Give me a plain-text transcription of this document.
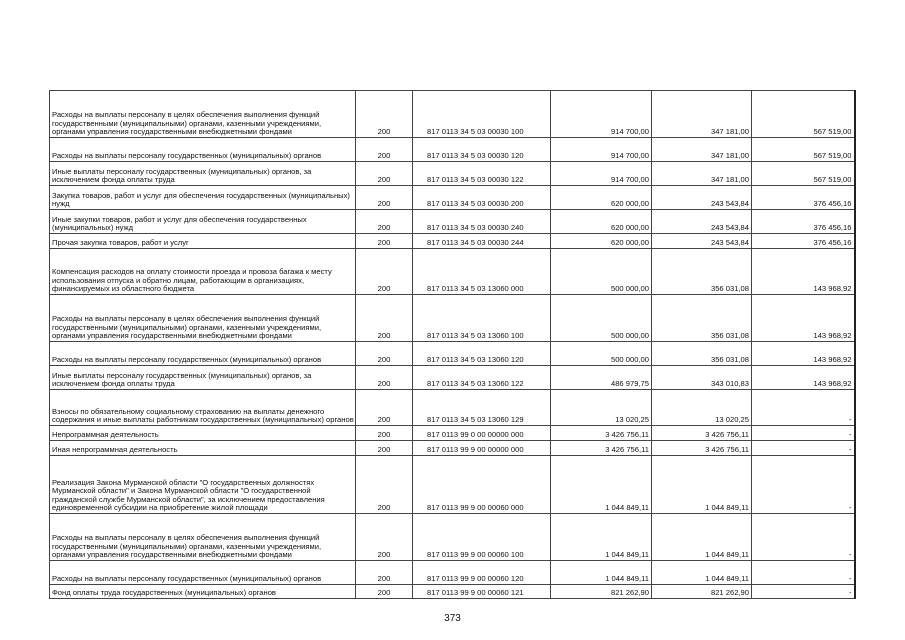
Расходы на выплаты персоналу в целях обеспечения выполнения функций государственными (муниципальными) органами, казенными учреждениями, органами управления государственными внебюджетными фондами	200	817 0113 34 5 03 00030 100	914 700,00	347 181,00	567 519,00
Расходы на выплаты персоналу государственных (муниципальных) органов	200	817 0113 34 5 03 00030 120	914 700,00	347 181,00	567 519,00
Иные выплаты персоналу государственных (муниципальных) органов, за исключением фонда оплаты труда	200	817 0113 34 5 03 00030 122	914 700,00	347 181,00	567 519,00
Закупка товаров, работ и услуг для обеспечения государственных (муниципальных) нужд	200	817 0113 34 5 03 00030 200	620 000,00	243 543,84	376 456,16
Иные закупки товаров, работ и услуг для обеспечения государственных (муниципальных) нужд	200	817 0113 34 5 03 00030 240	620 000,00	243 543,84	376 456,16
Прочая закупка товаров, работ и услуг	200	817 0113 34 5 03 00030 244	620 000,00	243 543,84	376 456,16
Компенсация расходов на оплату стоимости проезда и провоза багажа к месту использования отпуска и обратно лицам, работающим в организациях, финансируемых из областного бюджета	200	817 0113 34 5 03 13060 000	500 000,00	356 031,08	143 968,92
Расходы на выплаты персоналу в целях обеспечения выполнения функций государственными (муниципальными) органами, казенными учреждениями, органами управления государственными внебюджетными фондами	200	817 0113 34 5 03 13060 100	500 000,00	356 031,08	143 968,92
Расходы на выплаты персоналу государственных (муниципальных) органов	200	817 0113 34 5 03 13060 120	500 000,00	356 031,08	143 968,92
Иные выплаты персоналу государственных (муниципальных) органов, за исключением фонда оплаты труда	200	817 0113 34 5 03 13060 122	486 979,75	343 010,83	143 968,92
Взносы по обязательному социальному страхованию на выплаты денежного содержания и иные выплаты работникам государственных (муниципальных) органов	200	817 0113 34 5 03 13060 129	13 020,25	13 020,25	-
Непрограммная деятельность	200	817 0113 99 0 00 00000 000	3 426 756,11	3 426 756,11	-
Иная непрограммная деятельность	200	817 0113 99 9 00 00000 000	3 426 756,11	3 426 756,11	-
Реализация Закона Мурманской области "О государственных должностях Мурманской области" и Закона Мурманской области "О государственной гражданской службе Мурманской области", за исключением предоставления единовременной субсидии на приобретение жилой площади	200	817 0113 99 9 00 00060 000	1 044 849,11	1 044 849,11	-
Расходы на выплаты персоналу в целях обеспечения выполнения функций государственными (муниципальными) органами, казенными учреждениями, органами управления государственными внебюджетными фондами	200	817 0113 99 9 00 00060 100	1 044 849,11	1 044 849,11	-
Расходы на выплаты персоналу государственных (муниципальных) органов	200	817 0113 99 9 00 00060 120	1 044 849,11	1 044 849,11	-
Фонд оплаты труда государственных (муниципальных) органов	200	817 0113 99 9 00 00060 121	821 262,90	821 262,90	-
373
